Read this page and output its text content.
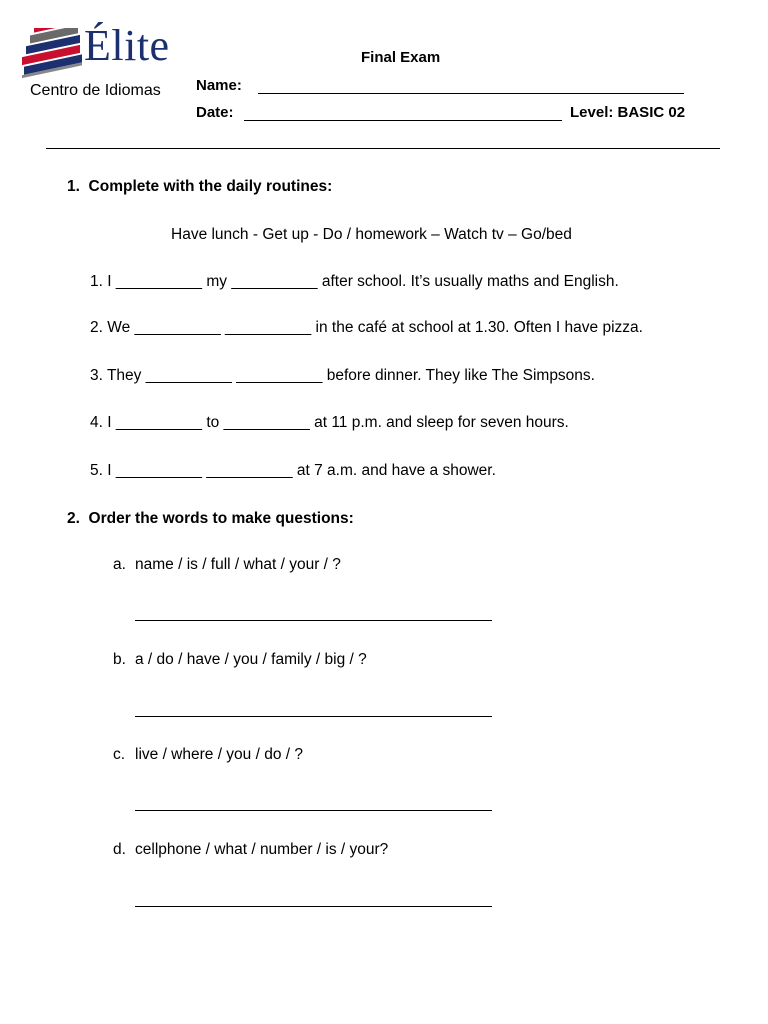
Élite
Centro de Idiomas
Final Exam
Name:
Date:	Level: BASIC 02
1.  Complete with the daily routines:
Have lunch - Get up - Do / homework – Watch tv – Go/bed
1. I __________ my __________ after school. It’s usually maths and English.
2. We __________ __________ in the café at school at 1.30. Often I have pizza.
3. They __________ __________ before dinner. They like The Simpsons.
4. I __________ to __________ at 11 p.m. and sleep for seven hours.
5. I __________ __________ at 7 a.m. and have a shower.
2.  Order the words to make questions:
a. name / is / full / what / your / ?
b. a / do / have / you / family / big / ?
c. live / where / you / do / ?
d. cellphone / what / number / is / your?
